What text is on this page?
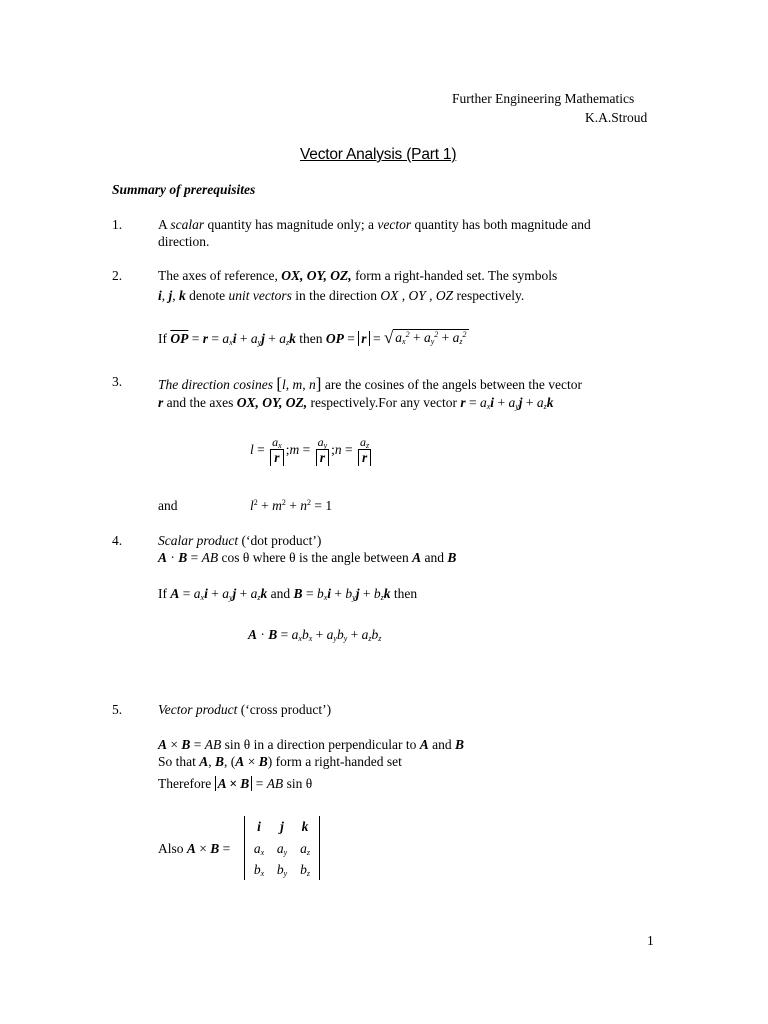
Further Engineering Mathematics
K.A.Stroud
Vector Analysis (Part 1)
Summary of prerequisites
1.	A scalar quantity has magnitude only; a vector quantity has both magnitude and
direction.
2.	The axes of reference, OX, OY, OZ, form a right-handed set. The symbols
i, j, k denote unit vectors in the direction OX , OY , OZ respectively.
If $\overline{OP} = r = a_xi + a_yj + a_zk$ then OP = r = √ $a_x^2 + a_y^2 + a_z^2$
3.	The direction cosines [l, m, n] are the cosines of the angels between the vector
r and the axes OX, OY, OZ, respectively.For any vector $r = a_xi + a_yj + a_zk$
$l = \frac{a_x}{r}$ ;m = $\frac{a_y}{r}$ ;n = $\frac{a_z}{r}$
and	$l^2 + m^2 + n^2 = 1$
4.	Scalar product (‘dot product’)
A · B = AB cos θ where θ is the angle between A and B
If $A = a_xi + a_yj + a_zk$ and $B = b_xi + b_yj + b_zk$ then
$A \cdot B = a_xb_x + a_yb_y + a_zb_z$
5.	Vector product (‘cross product’)
A × B = AB sin θ in a direction perpendicular to A and B
So that A, B, (A × B) form a right-handed set
Therefore A × B = AB sin θ
Also A × B =
i	j	k
$a_x$ $a_y$ $a_z$
$b_x$ $b_y$ $b_z$
1
